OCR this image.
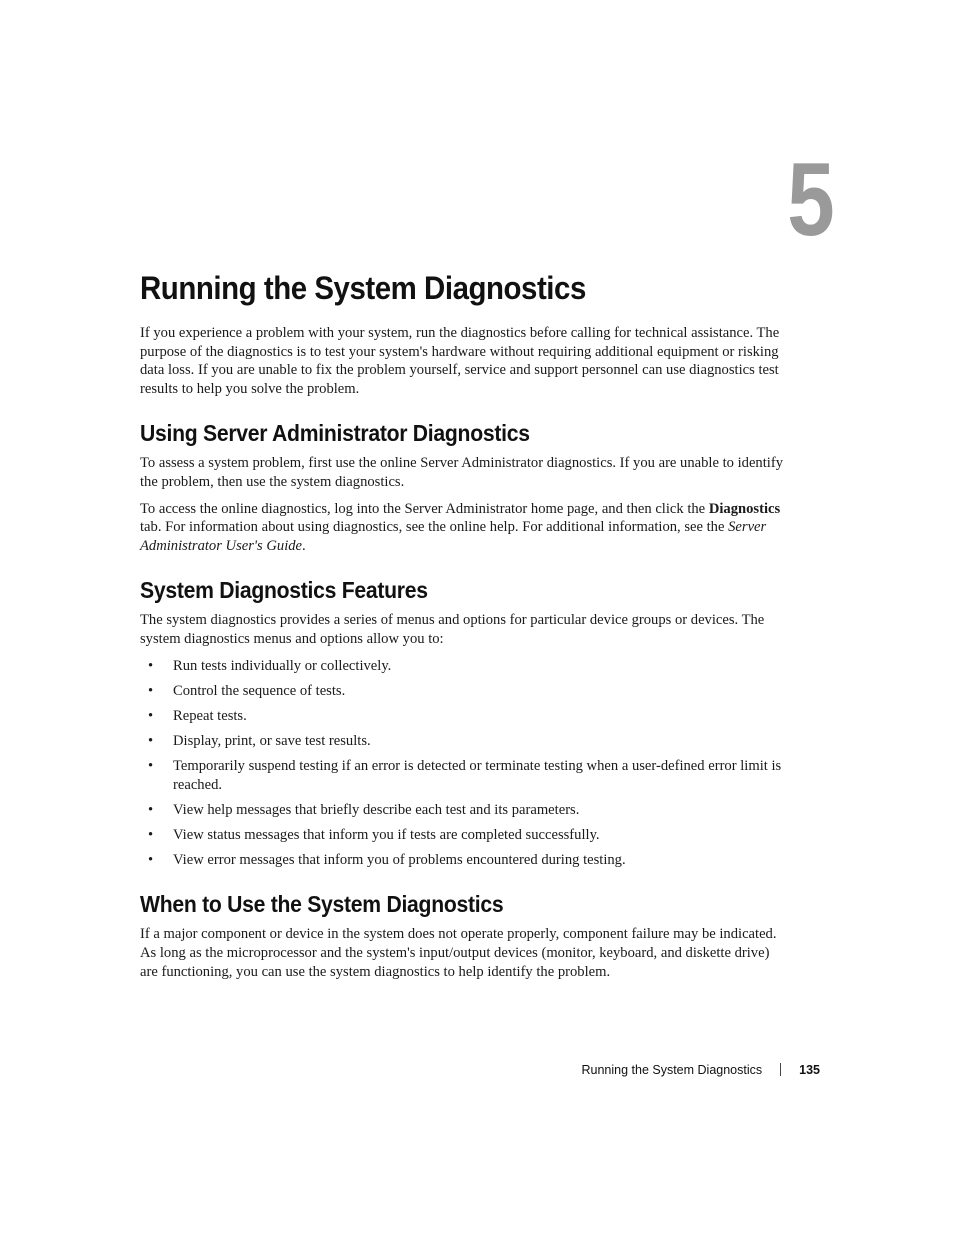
5
Running the System Diagnostics

If you experience a problem with your system, run the diagnostics before calling for technical assistance. The purpose of the diagnostics is to test your system's hardware without requiring additional equipment or risking data loss. If you are unable to fix the problem yourself, service and support personnel can use diagnostics test results to help you solve the problem.

Using Server Administrator Diagnostics

To assess a system problem, first use the online Server Administrator diagnostics. If you are unable to identify the problem, then use the system diagnostics.

To access the online diagnostics, log into the Server Administrator home page, and then click the Diagnostics tab. For information about using diagnostics, see the online help. For additional information, see the Server Administrator User's Guide.

System Diagnostics Features

The system diagnostics provides a series of menus and options for particular device groups or devices. The system diagnostics menus and options allow you to:

• Run tests individually or collectively.
• Control the sequence of tests.
• Repeat tests.
• Display, print, or save test results.
• Temporarily suspend testing if an error is detected or terminate testing when a user-defined error limit is reached.
• View help messages that briefly describe each test and its parameters.
• View status messages that inform you if tests are completed successfully.
• View error messages that inform you of problems encountered during testing.
When to Use the System Diagnostics

If a major component or device in the system does not operate properly, component failure may be indicated. As long as the microprocessor and the system's input/output devices (monitor, keyboard, and diskette drive) are functioning, you can use the system diagnostics to help identify the problem.

Running the System Diagnostics	135
